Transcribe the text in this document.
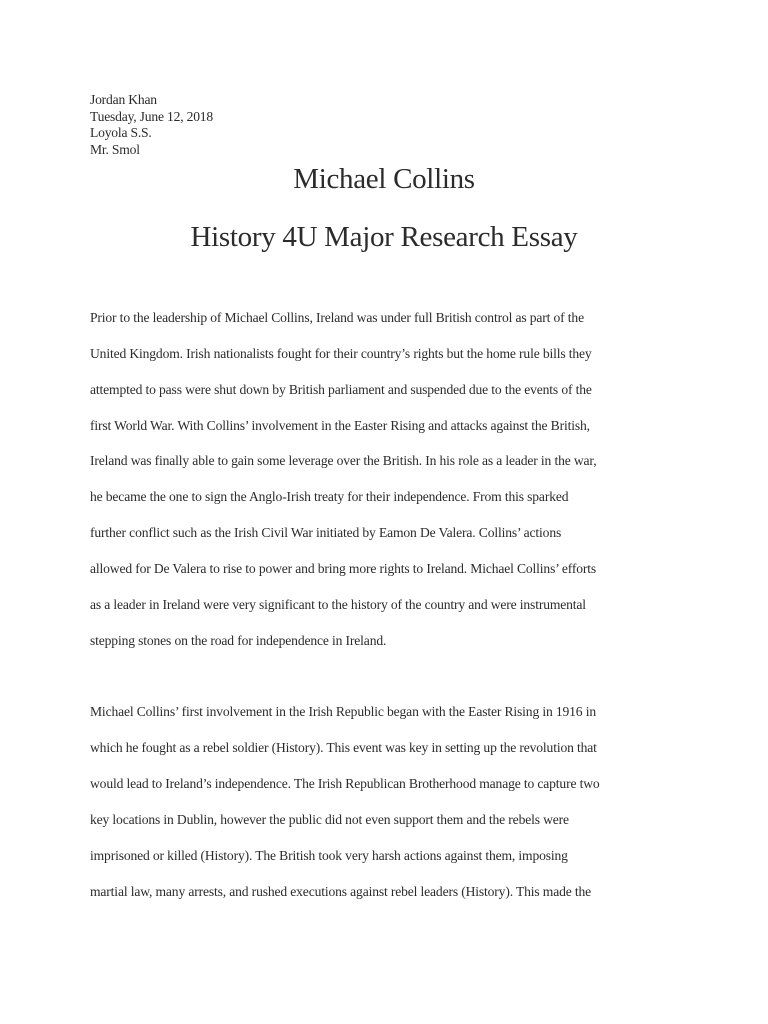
Jordan Khan
Tuesday, June 12, 2018
Loyola S.S.
Mr. Smol
Michael Collins
History 4U Major Research Essay
Prior to the leadership of Michael Collins, Ireland was under full British control as part of the
United Kingdom. Irish nationalists fought for their country’s rights but the home rule bills they
attempted to pass were shut down by British parliament and suspended due to the events of the
first World War. With Collins’ involvement in the Easter Rising and attacks against the British,
Ireland was finally able to gain some leverage over the British. In his role as a leader in the war,
he became the one to sign the Anglo-Irish treaty for their independence. From this sparked
further conflict such as the Irish Civil War initiated by Eamon De Valera. Collins’ actions
allowed for De Valera to rise to power and bring more rights to Ireland. Michael Collins’ efforts
as a leader in Ireland were very significant to the history of the country and were instrumental
stepping stones on the road for independence in Ireland.
Michael Collins’ first involvement in the Irish Republic began with the Easter Rising in 1916 in
which he fought as a rebel soldier (History). This event was key in setting up the revolution that
would lead to Ireland’s independence. The Irish Republican Brotherhood manage to capture two
key locations in Dublin, however the public did not even support them and the rebels were
imprisoned or killed (History). The British took very harsh actions against them, imposing
martial law, many arrests, and rushed executions against rebel leaders (History). This made the
